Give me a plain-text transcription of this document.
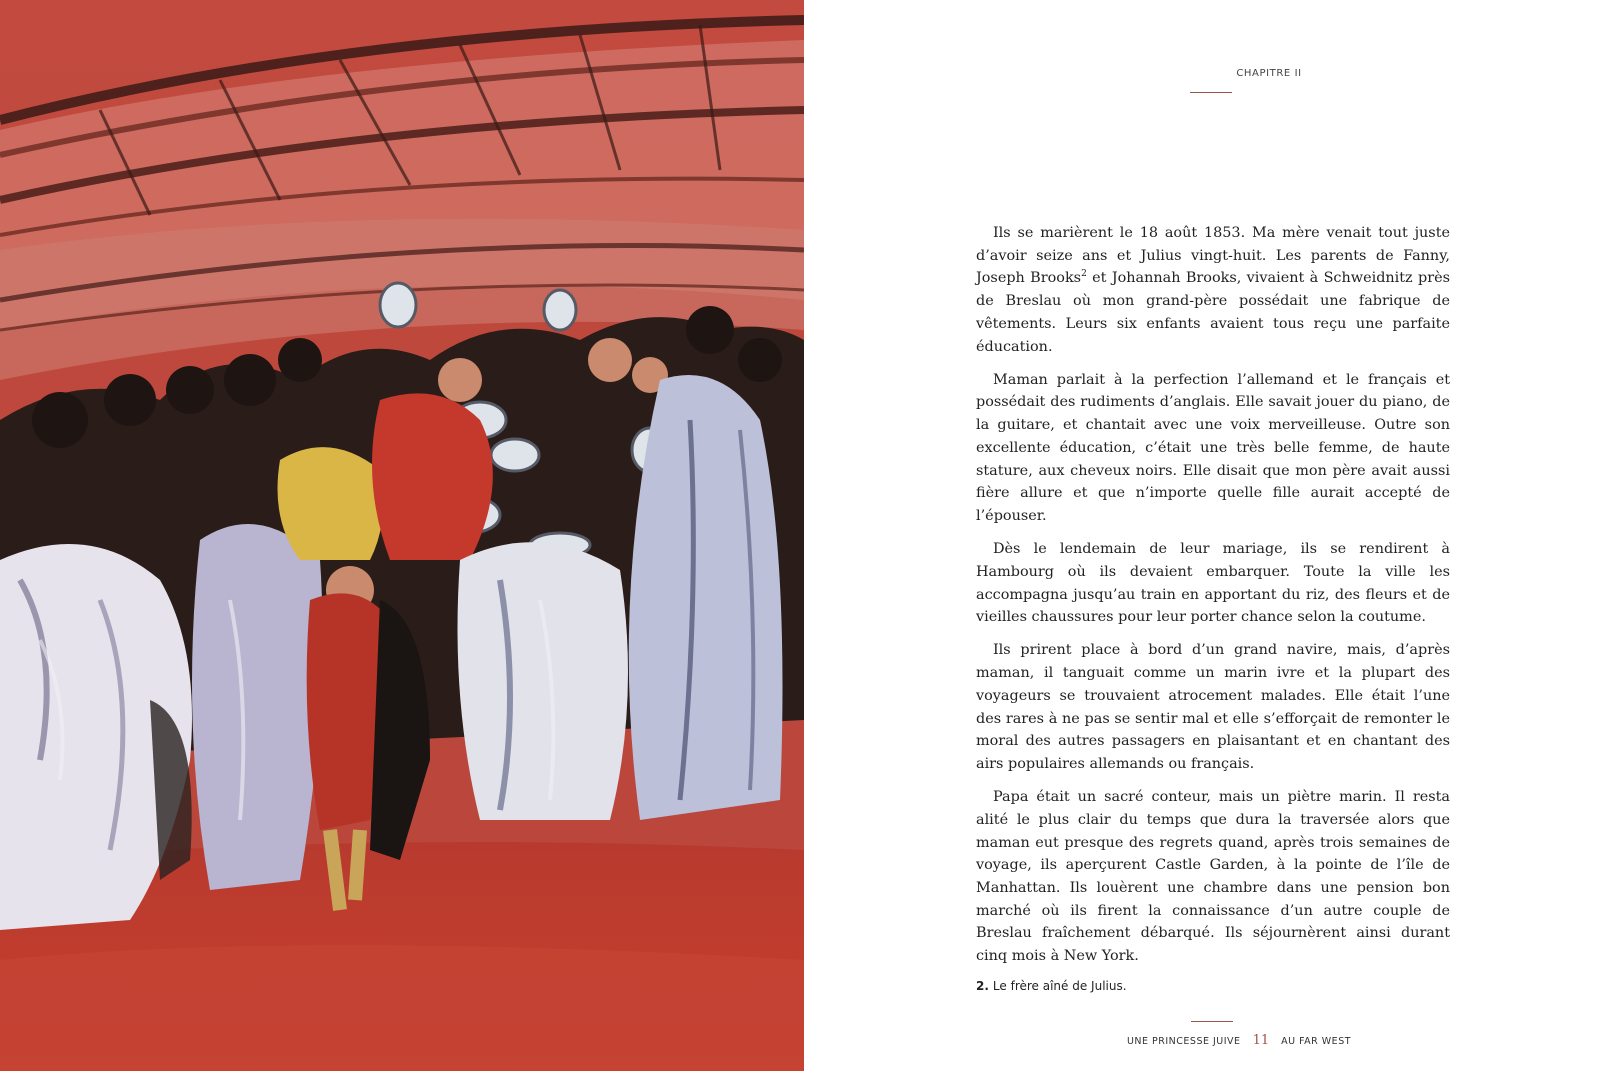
CHAPITRE II

Ils se marièrent le 18 août 1853. Ma mère venait tout juste d’avoir seize ans et Julius vingt-huit. Les parents de Fanny, Joseph Brooks$^2$ et Johannah Brooks, vivaient à Schweidnitz près de Breslau où mon grand-père possédait une fabrique de vêtements. Leurs six enfants avaient tous reçu une parfaite éducation.

Maman parlait à la perfection l’allemand et le français et possédait des rudiments d’anglais. Elle savait jouer du piano, de la guitare, et chantait avec une voix merveilleuse. Outre son excellente éducation, c’était une très belle femme, de haute stature, aux cheveux noirs. Elle disait que mon père avait aussi fière allure et que n’importe quelle fille aurait accepté de l’épouser.

Dès le lendemain de leur mariage, ils se rendirent à Hambourg où ils devaient embarquer. Toute la ville les accompagna jusqu’au train en apportant du riz, des fleurs et de vieilles chaussures pour leur porter chance selon la coutume.

Ils prirent place à bord d’un grand navire, mais, d’après maman, il tanguait comme un marin ivre et la plupart des voyageurs se trouvaient atrocement malades. Elle était l’une des rares à ne pas se sentir mal et elle s’efforçait de remonter le moral des autres passagers en plaisantant et en chantant des airs populaires allemands ou français.

Papa était un sacré conteur, mais un piètre marin. Il resta alité le plus clair du temps que dura la traversée alors que maman eut presque des regrets quand, après trois semaines de voyage, ils aperçurent Castle Garden, à la pointe de l’île de Manhattan. Ils louèrent une chambre dans une pension bon marché où ils firent la connaissance d’un autre couple de Breslau fraîchement débarqué. Ils séjournèrent ainsi durant cinq mois à New York.

2. Le frère aîné de Julius.
UNE PRINCESSE JUIVE 11 AU FAR WEST
